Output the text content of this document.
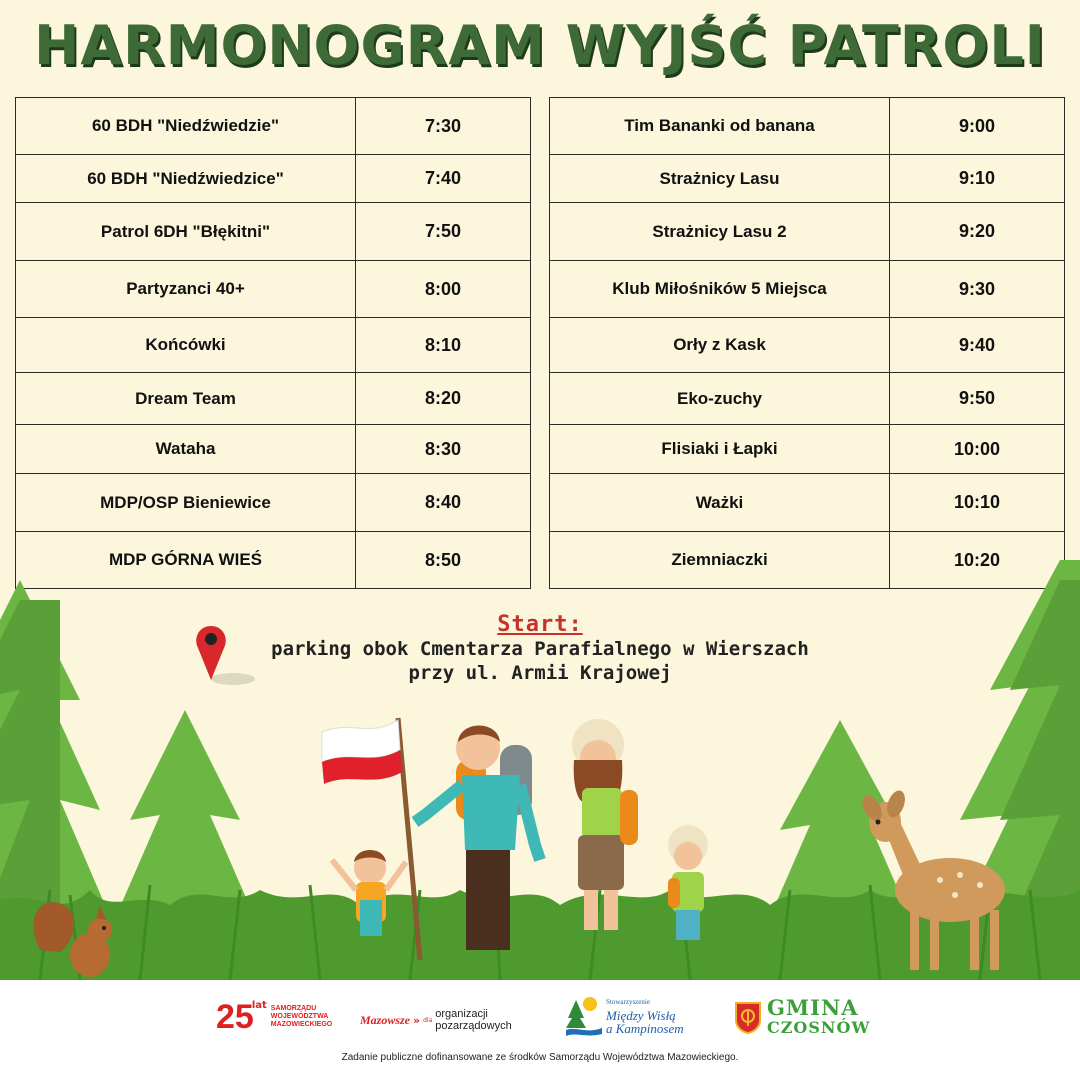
HARMONOGRAM WYJŚĆ PATROLI
60 BDH "Niedźwiedzie"	7:30
60 BDH "Niedźwiedzice"	7:40
Patrol 6DH "Błękitni"	7:50
Partyzanci 40+	8:00
Końcówki	8:10
Dream Team	8:20
Wataha	8:30
MDP/OSP Bieniewice	8:40
MDP GÓRNA WIEŚ	8:50
Tim Bananki od banana	9:00
Strażnicy Lasu	9:10
Strażnicy Lasu 2	9:20
Klub Miłośników 5 Miejsca	9:30
Orły z Kask	9:40
Eko-zuchy	9:50
Flisiaki i Łapki	10:00
Ważki	10:10
Ziemniaczki	10:20
Start:
parking obok Cmentarza Parafialnego w Wierszach
przy ul. Armii Krajowej
25
lat SAMORZĄDU
WOJEWÓDZTWA
MAZOWIECKIEGO Mazowsze » dla organizacji
pozarządowych
Stowarzyszenie
Między Wisłą
a Kampinosem
GMINA
CZOSNÓW
Zadanie publiczne dofinansowane ze środków Samorządu Województwa Mazowieckiego.
